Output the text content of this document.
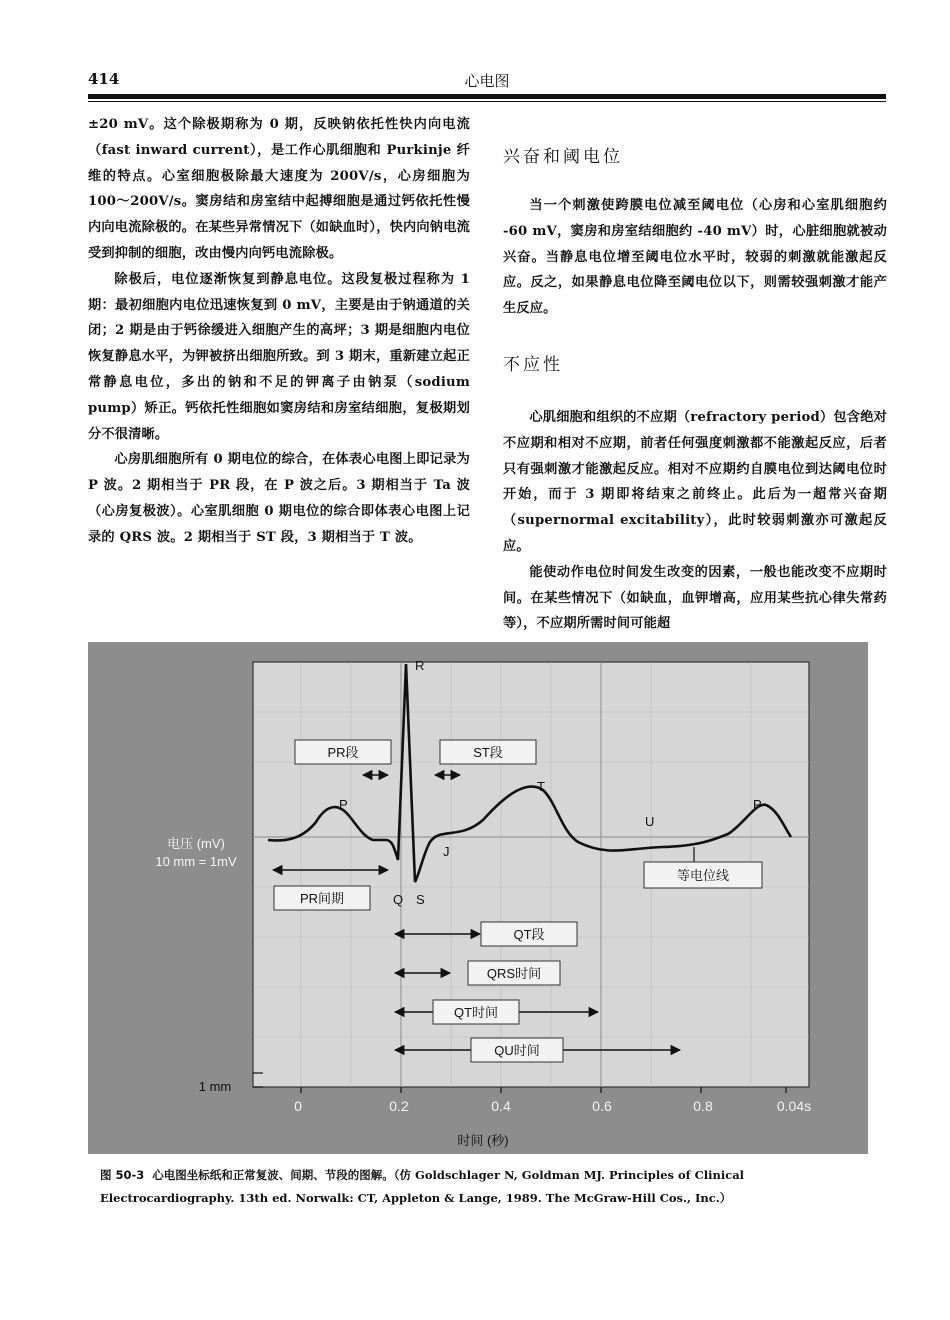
414	心电图

±20 mV。这个除极期称为 0 期，反映钠依托性快内向电流（fast inward current），是工作心肌细胞和 Purkinje 纤维的特点。心室细胞极除最大速度为 200V/s，心房细胞为 100～200V/s。窦房结和房室结中起搏细胞是通过钙依托性慢内向电流除极的。在某些异常情况下（如缺血时），快内向钠电流受到抑制的细胞，改由慢内向钙电流除极。

除极后，电位逐渐恢复到静息电位。这段复极过程称为 1 期：最初细胞内电位迅速恢复到 0 mV，主要是由于钠通道的关闭；2 期是由于钙徐缓进入细胞产生的高坪；3 期是细胞内电位恢复静息水平，为钾被挤出细胞所致。到 3 期末，重新建立起正常静息电位，多出的钠和不足的钾离子由钠泵（sodium pump）矫正。钙依托性细胞如窦房结和房室结细胞，复极期划分不很清晰。

心房肌细胞所有 0 期电位的综合，在体表心电图上即记录为 P 波。2 期相当于 PR 段，在 P 波之后。3 期相当于 Ta 波（心房复极波）。心室肌细胞 0 期电位的综合即体表心电图上记录的 QRS 波。2 期相当于 ST 段，3 期相当于 T 波。

兴奋和阈电位

当一个刺激使跨膜电位减至阈电位（心房和心室肌细胞约 -60 mV，窦房和房室结细胞约 -40 mV）时，心脏细胞就被动兴奋。当静息电位增至阈电位水平时，较弱的刺激就能激起反应。反之，如果静息电位降至阈电位以下，则需较强刺激才能产生反应。

不应性

心肌细胞和组织的不应期（refractory period）包含绝对不应期和相对不应期，前者任何强度刺激都不能激起反应，后者只有强刺激才能激起反应。相对不应期约自膜电位到达阈电位时开始，而于 3 期即将结束之前终止。此后为一超常兴奋期（supernormal excitability），此时较弱刺激亦可激起反应。

能使动作电位时间发生改变的因素，一般也能改变不应期时间。在某些情况下（如缺血，血钾增高，应用某些抗心律失常药等），不应期所需时间可能超

P
R
Q S
J
T
U
P
PR段	ST段
电压 (mV)
10 mm = 1mV
PR间期
等电位线
QT段
QRS时间
QT时间
QU时间
1 mm
0	0.2	0.4	0.6	0.8	0.04s
时间 (秒)
图 50-3 心电图坐标纸和正常复波、间期、节段的图解。（仿 Goldschlager N, Goldman MJ. Principles of Clinical Electrocardiography. 13th ed. Norwalk: CT, Appleton & Lange, 1989. The McGraw-Hill Cos., Inc.）
